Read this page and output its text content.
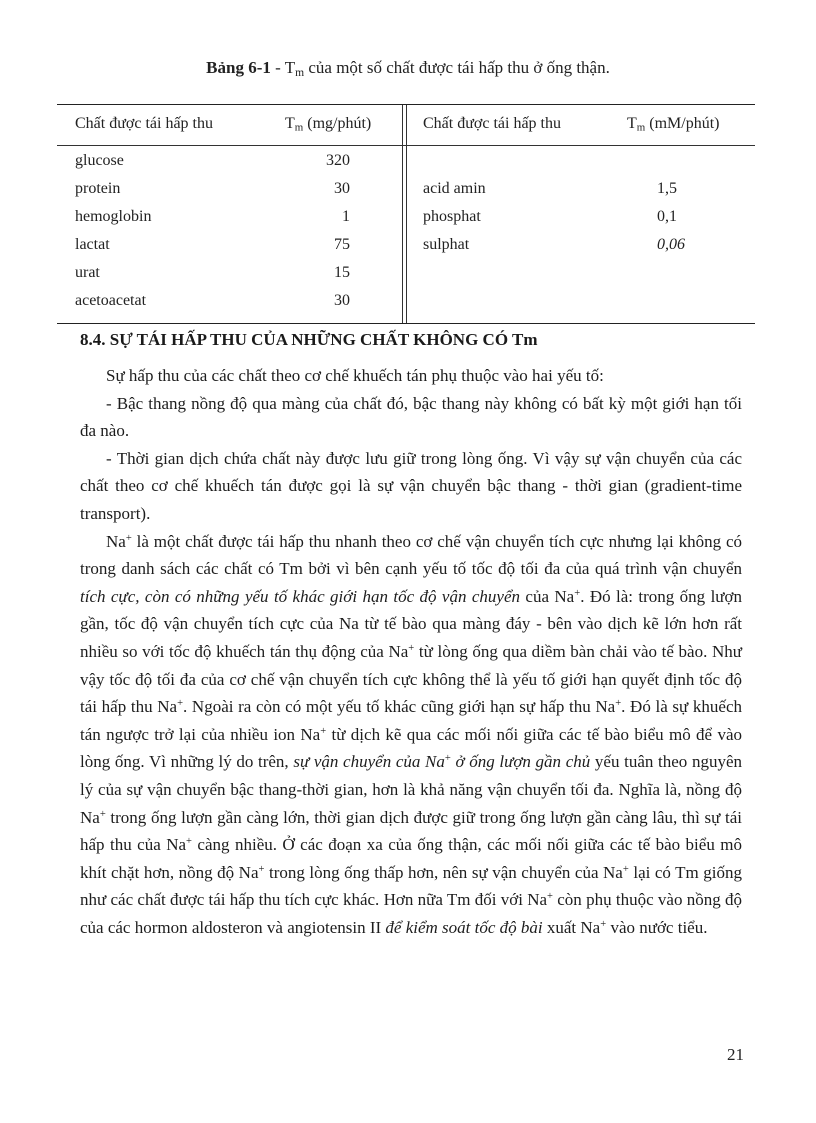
Bảng $6-1 - T_m$ của một số chất được tái hấp thu ở ống thận.
Chất được tái hấp thu	$T_m$ (mg/phút)	Chất được tái hấp thu	$T_m$ (mM/phút)
glucose	320
protein	30	acid amin	1,5
hemoglobin	1	phosphat	0,1
lactat	75	sulphat	0,06
urat	15
acetoacetat	30
8.4. SỰ TÁI HẤP THU CỦA NHỮNG CHẤT KHÔNG CÓ Tm

Sự hấp thu của các chất theo cơ chế khuếch tán phụ thuộc vào hai yếu tố:

- Bậc thang nồng độ qua màng của chất đó, bậc thang này không có bất kỳ một giới hạn tối đa nào.

- Thời gian dịch chứa chất này được lưu giữ trong lòng ống. Vì vậy sự vận chuyển của các chất theo cơ chế khuếch tán được gọi là sự vận chuyển bậc thang - thời gian (gradient-time transport).

Na+ là một chất được tái hấp thu nhanh theo cơ chế vận chuyển tích cực nhưng lại không có trong danh sách các chất có Tm bởi vì bên cạnh yếu tố tốc độ tối đa của quá trình vận chuyển tích cực, còn có những yếu tố khác giới hạn tốc độ vận chuyển của Na+. Đó là: trong ống lượn gần, tốc độ vận chuyển tích cực của Na từ tế bào qua màng đáy - bên vào dịch kẽ lớn hơn rất nhiều so với tốc độ khuếch tán thụ động của Na+ từ lòng ống qua diềm bàn chải vào tế bào. Như vậy tốc độ tối đa của cơ chế vận chuyển tích cực không thể là yếu tố giới hạn quyết định tốc độ tái hấp thu Na+. Ngoài ra còn có một yếu tố khác cũng giới hạn sự hấp thu Na+. Đó là sự khuếch tán ngược trở lại của nhiều ion Na+ từ dịch kẽ qua các mối nối giữa các tế bào biểu mô để vào lòng ống. Vì những lý do trên, sự vận chuyển của Na+ ở ống lượn gần chủ yếu tuân theo nguyên lý của sự vận chuyển bậc thang-thời gian, hơn là khả năng vận chuyển tối đa. Nghĩa là, nồng độ Na+ trong ống lượn gần càng lớn, thời gian dịch được giữ trong ống lượn gần càng lâu, thì sự tái hấp thu của Na+ càng nhiều. Ở các đoạn xa của ống thận, các mối nối giữa các tế bào biểu mô khít chặt hơn, nồng độ Na+ trong lòng ống thấp hơn, nên sự vận chuyển của Na+ lại có Tm giống như các chất được tái hấp thu tích cực khác. Hơn nữa Tm đối với Na+ còn phụ thuộc vào nồng độ của các hormon aldosteron và angiotensin II để kiểm soát tốc độ bài xuất Na+ vào nước tiểu.

21
